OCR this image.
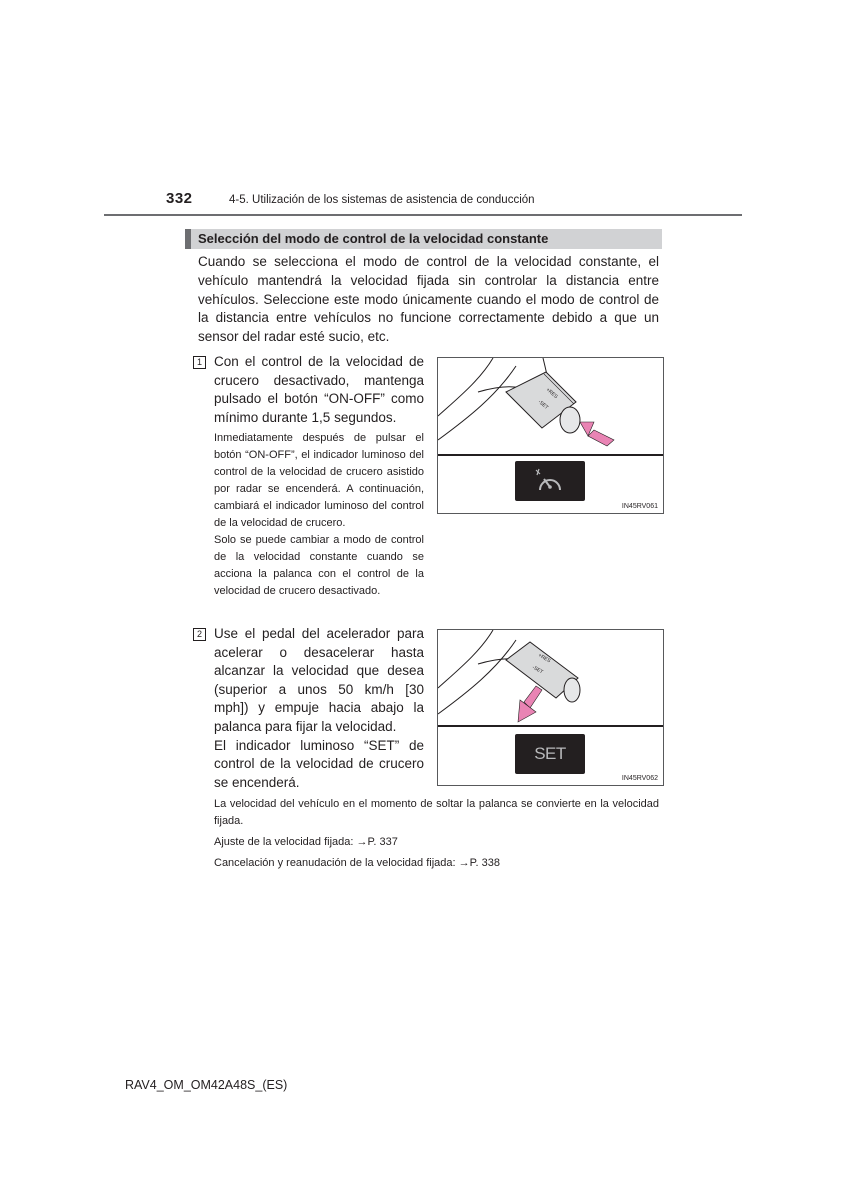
332	4-5. Utilización de los sistemas de asistencia de conducción
Selección del modo de control de la velocidad constante

Cuando se selecciona el modo de control de la velocidad constante, el vehículo mantendrá la velocidad fijada sin controlar la distancia entre vehículos. Seleccione este modo únicamente cuando el modo de control de la distancia entre vehículos no funcione correctamente debido a que un sensor del radar esté sucio, etc.

1 Con el control de la velocidad de crucero desactivado, mantenga pulsado el botón “ON-OFF” como mínimo durante 1,5 segundos.

Inmediatamente después de pulsar el botón “ON-OFF”, el indicador luminoso del control de la velocidad de crucero asistido por radar se encenderá. A continuación, cambiará el indicador luminoso del control de la velocidad de crucero.

Solo se puede cambiar a modo de control de la velocidad constante cuando se acciona la palanca con el control de la velocidad de crucero desactivado.

+RES
-SET
IN45RV061
2 Use el pedal del acelerador para acelerar o desacelerar hasta alcanzar la velocidad que desea (superior a unos 50 km/h [30 mph]) y empuje hacia abajo la palanca para fijar la velocidad.

El indicador luminoso “SET” de control de la velocidad de crucero se encenderá.

+RES
-SET
SET
IN45RV062

La velocidad del vehículo en el momento de soltar la palanca se convierte en la velocidad fijada.

Ajuste de la velocidad fijada: →P. 337

Cancelación y reanudación de la velocidad fijada: →P. 338

RAV4_OM_OM42A48S_(ES)
